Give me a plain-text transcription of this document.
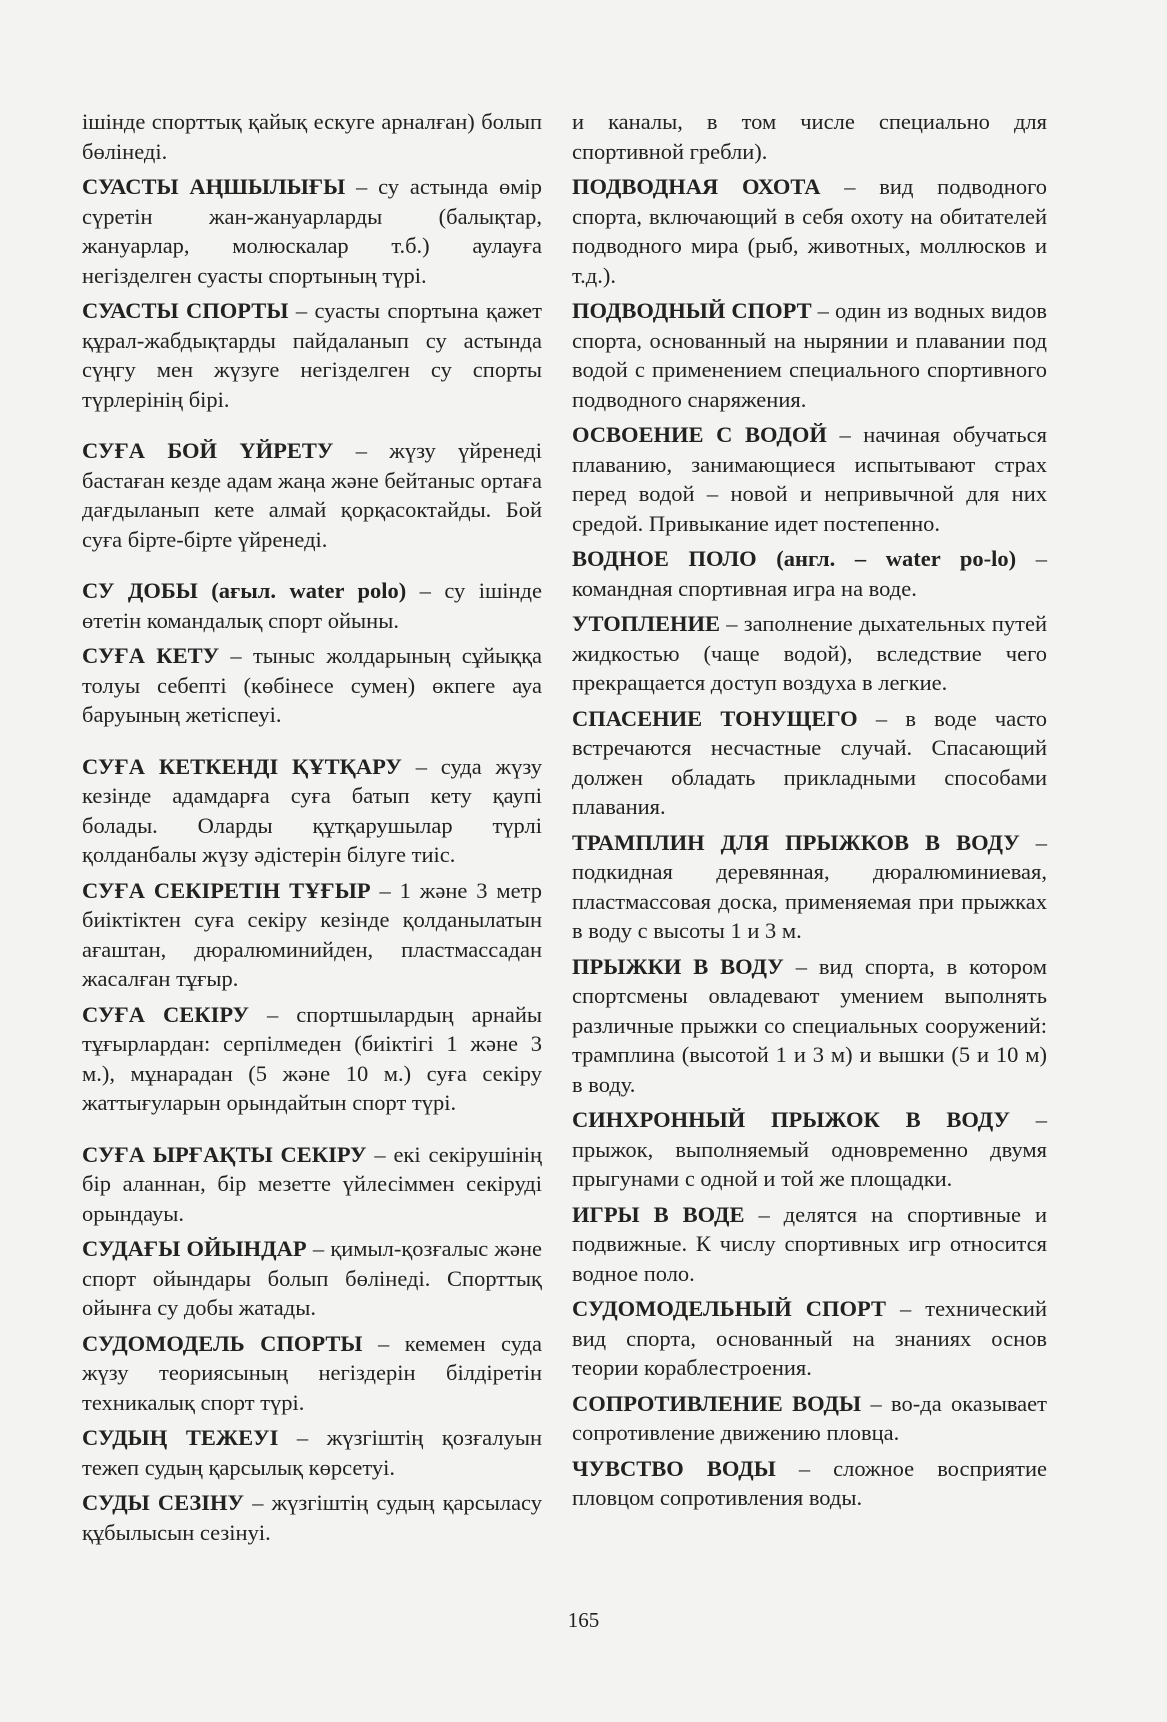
ішінде спорттық қайық ескуге арналған) болып бөлінеді.

СУАСТЫ АҢШЫЛЫҒЫ – су астында өмір сүретін жан-жануарларды (балықтар, жануарлар, молюскалар т.б.) аулауға негізделген суасты спортының түрі.

СУАСТЫ СПОРТЫ – суасты спортына қажет құрал-жабдықтарды пайдаланып су астында сүңгу мен жүзуге негізделген су спорты түрлерінің бірі.

СУҒА БОЙ ҮЙРЕТУ – жүзу үйренеді бастаған кезде адам жаңа және бейтаныс ортаға дағдыланып кете алмай қорқасоктайды. Бой суға біртe-біртe үйренеді.

СУ ДОБЫ (ағыл. water polo) – су ішінде өтетін командалық спорт ойыны.

СУҒА КЕТУ – тыныс жолдарының сұйыққа толуы себепті (көбінесе сумен) өкпеге ауа баруының жетіспеуі.

СУҒА КЕТКЕНДІ ҚҰТҚАРУ – суда жүзу кезінде адамдарға суға батып кету қаупі болады. Оларды құтқарушылар түрлі қолданбалы жүзу әдістерін білуге тиіс.

СУҒА СЕКІРЕТІН ТҰҒЫР – 1 және 3 метр биіктіктен суға секіру кезінде қолданылатын ағаштан, дюралюминийден, пластмассадан жасалған тұғыр.

СУҒА СЕКІРУ – спортшылардың арнайы тұғырлардан: серпілмеден (биіктігі 1 және 3 м.), мұнарадан (5 және 10 м.) суға секіру жаттығуларын орындайтын спорт түрі.

СУҒА ЫРҒАҚТЫ СЕКІРУ – екі секірушінің бір аланнан, бір мезетте үйлесіммен секіруді орындауы.

СУДАҒЫ ОЙЫНДАР – қимыл-қозғалыс және спорт ойындары болып бөлінеді. Спорттық ойынға су добы жатады.

СУДОМОДЕЛЬ СПОРТЫ – кемемен суда жүзу теориясының негіздерін білдіретін техникалық спорт түрі.

СУДЫҢ ТЕЖЕУІ – жүзгіштің қозғалуын тежеп судың қарсылық көрсетуі.

СУДЫ СЕЗІНУ – жүзгіштің судың қарсыласу құбылысын сезінуі.

и каналы, в том числе специально для спортивной гребли).

ПОДВОДНАЯ ОХОТА – вид подводного спорта, включающий в себя охоту на обитателей подводного мира (рыб, животных, моллюсков и т.д.).

ПОДВОДНЫЙ СПОРТ – один из водных видов спорта, основанный на нырянии и плавании под водой с применением специального спортивного подводного снаряжения.

ОСВОЕНИЕ С ВОДОЙ – начиная обучаться плаванию, занимающиеся испытывают страх перед водой – новой и непривычной для них средой. Привыкание идет постепенно.

ВОДНОЕ ПОЛО (англ. – water po-lo) – командная спортивная игра на воде.

УТОПЛЕНИЕ – заполнение дыхательных путей жидкостью (чаще водой), вследствие чего прекращается доступ воздуха в легкие.

СПАСЕНИЕ ТОНУЩЕГО – в воде часто встречаются несчастные случай. Спасающий должен обладать прикладными способами плавания.

ТРАМПЛИН ДЛЯ ПРЫЖКОВ В ВОДУ – подкидная деревянная, дюралюминиевая, пластмассовая доска, применяемая при прыжках в воду с высоты 1 и 3 м.

ПРЫЖКИ В ВОДУ – вид спорта, в котором спортсмены овладевают умением выполнять различные прыжки со специальных сооружений: трамплина (высотой 1 и 3 м) и вышки (5 и 10 м) в воду.

СИНХРОННЫЙ ПРЫЖОК В ВОДУ – прыжок, выполняемый одновременно двумя прыгунами с одной и той же площадки.

ИГРЫ В ВОДЕ – делятся на спортивные и подвижные. К числу спортивных игр относится водное поло.

СУДОМОДЕЛЬНЫЙ СПОРТ – технический вид спорта, основанный на знаниях основ теории кораблестроения.

СОПРОТИВЛЕНИЕ ВОДЫ – во-да оказывает сопротивление движению пловца.

ЧУВСТВО ВОДЫ – сложное восприятие пловцом сопротивления воды.

165
